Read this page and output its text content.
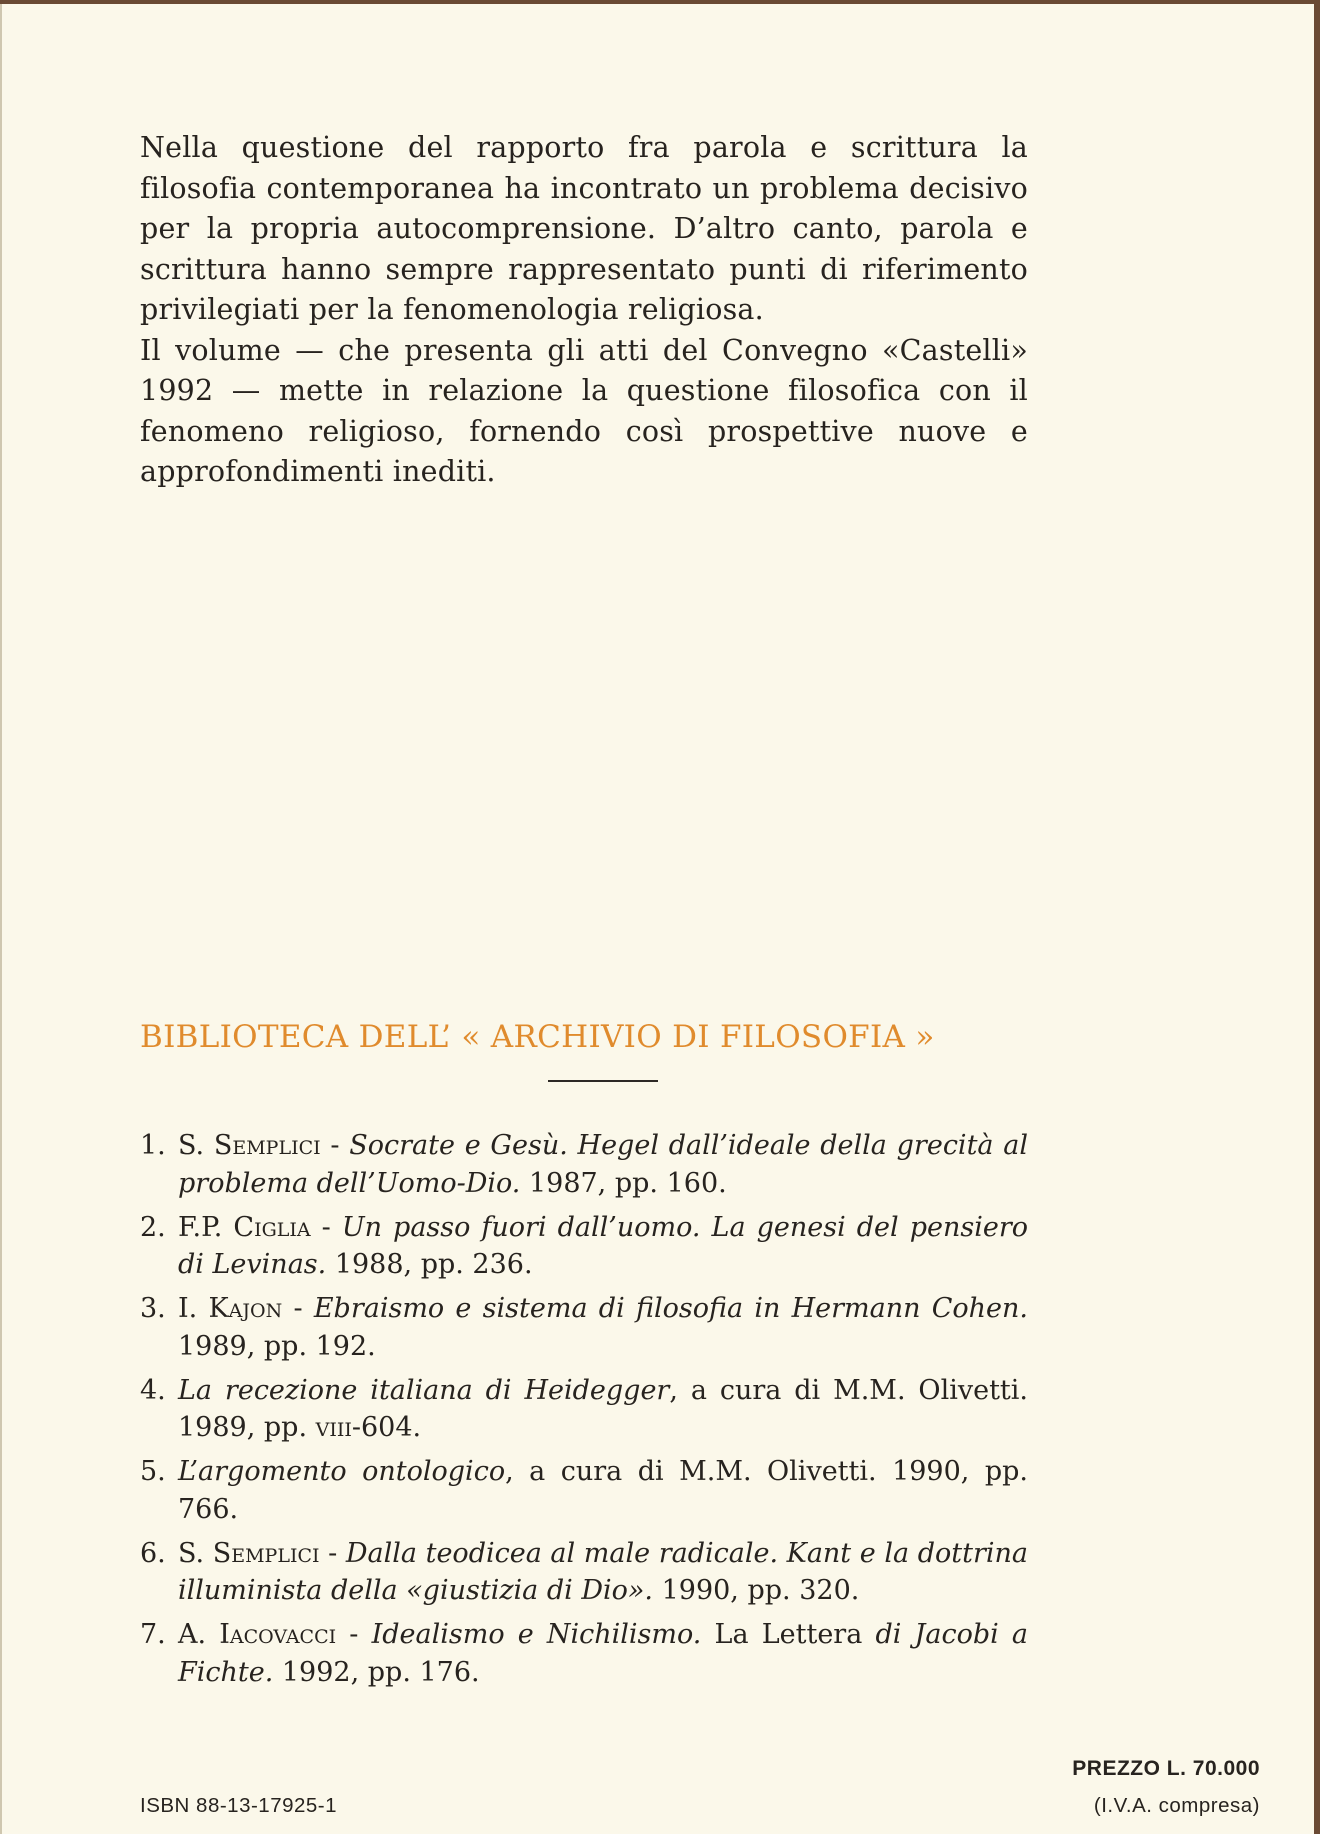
Nella questione del rapporto fra parola e scrittura la filosofia contemporanea ha incontrato un problema decisivo per la propria autocomprensione. D’altro canto, parola e scrittura hanno sempre rappresentato punti di riferimento privilegiati per la fenomenologia religiosa.

Il volume — che presenta gli atti del Convegno «Castelli» 1992 — mette in relazione la questione filosofica con il fenomeno religioso, fornendo così prospettive nuove e approfondimenti inediti.

BIBLIOTECA DELL’ « ARCHIVIO DI FILOSOFIA »
1. S. Semplici - Socrate e Gesù. Hegel dall’ideale della grecità al problema dell’Uomo-Dio. 1987, pp. 160.
2. F.P. Ciglia - Un passo fuori dall’uomo. La genesi del pensiero di Levinas. 1988, pp. 236.
3. I. Kajon - Ebraismo e sistema di filosofia in Hermann Cohen. 1989, pp. 192.
4. La recezione italiana di Heidegger, a cura di M.M. Olivetti. 1989, pp. viii-604.
5. L’argomento ontologico, a cura di M.M. Olivetti. 1990, pp. 766.
6. S. Semplici - Dalla teodicea al male radicale. Kant e la dottrina illuminista della «giustizia di Dio». 1990, pp. 320.
7. A. Iacovacci - Idealismo e Nichilismo. La Lettera di Jacobi a Fichte. 1992, pp. 176.
ISBN 88-13-17925-1
PREZZO L. 70.000
(I.V.A. compresa)
